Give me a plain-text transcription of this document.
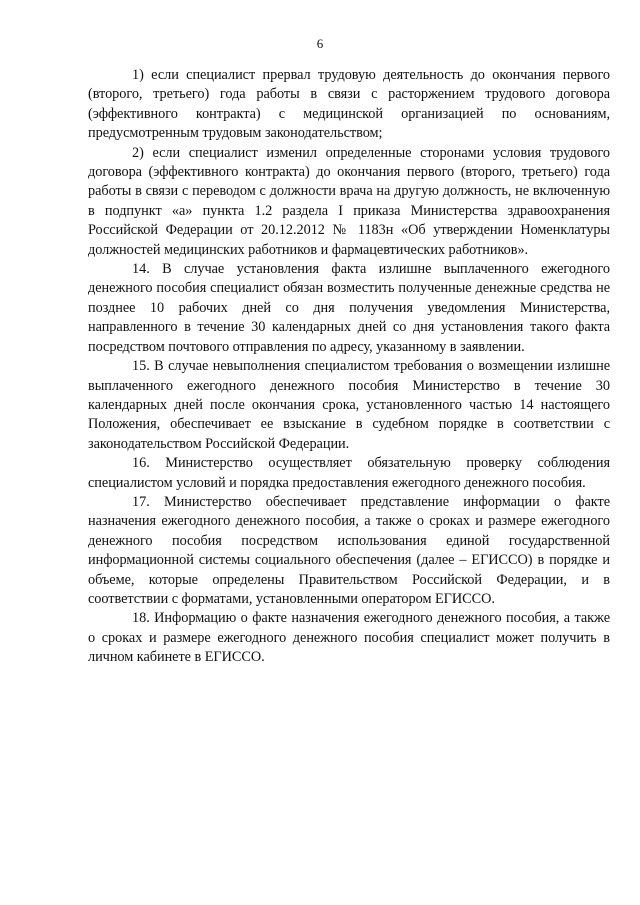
6

1) если специалист прервал трудовую деятельность до окончания первого (второго, третьего) года работы в связи с расторжением трудового договора (эффективного контракта) с медицинской организацией по основаниям, предусмотренным трудовым законодательством;

2) если специалист изменил определенные сторонами условия трудового договора (эффективного контракта) до окончания первого (второго, третьего) года работы в связи с переводом с должности врача на другую должность, не включенную в подпункт «а» пункта 1.2 раздела I приказа Министерства здравоохранения Российской Федерации от 20.12.2012 № 1183н «Об утверждении Номенклатуры должностей медицинских работников и фармацевтических работников».

14. В случае установления факта излишне выплаченного ежегодного денежного пособия специалист обязан возместить полученные денежные средства не позднее 10 рабочих дней со дня получения уведомления Министерства, направленного в течение 30 календарных дней со дня установления такого факта посредством почтового отправления по адресу, указанному в заявлении.

15. В случае невыполнения специалистом требования о возмещении излишне выплаченного ежегодного денежного пособия Министерство в течение 30 календарных дней после окончания срока, установленного частью 14 настоящего Положения, обеспечивает ее взыскание в судебном порядке в соответствии с законодательством Российской Федерации.

16. Министерство осуществляет обязательную проверку соблюдения специалистом условий и порядка предоставления ежегодного денежного пособия.

17. Министерство обеспечивает представление информации о факте назначения ежегодного денежного пособия, а также о сроках и размере ежегодного денежного пособия посредством использования единой государственной информационной системы социального обеспечения (далее – ЕГИССО) в порядке и объеме, которые определены Правительством Российской Федерации, и в соответствии с форматами, установленными оператором ЕГИССО.

18. Информацию о факте назначения ежегодного денежного пособия, а также о сроках и размере ежегодного денежного пособия специалист может получить в личном кабинете в ЕГИССО.
